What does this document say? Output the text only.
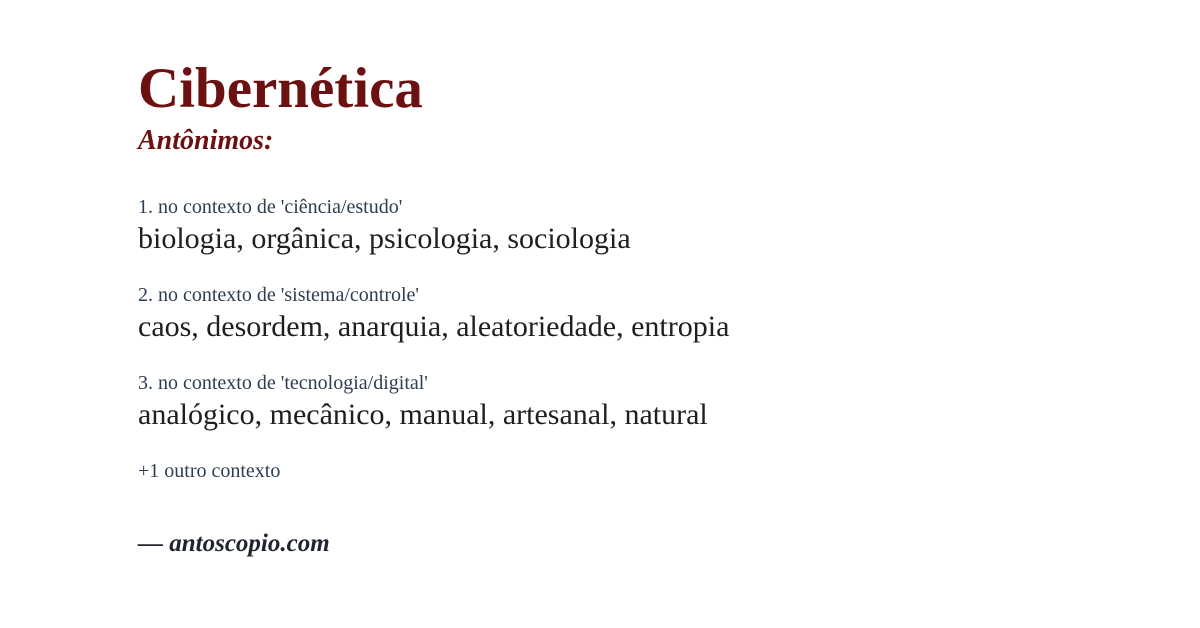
Cibernética
Antônimos:
1. no contexto de 'ciência/estudo'
biologia, orgânica, psicologia, sociologia
2. no contexto de 'sistema/controle'
caos, desordem, anarquia, aleatoriedade, entropia
3. no contexto de 'tecnologia/digital'
analógico, mecânico, manual, artesanal, natural
+1 outro contexto
— antoscopio.com
